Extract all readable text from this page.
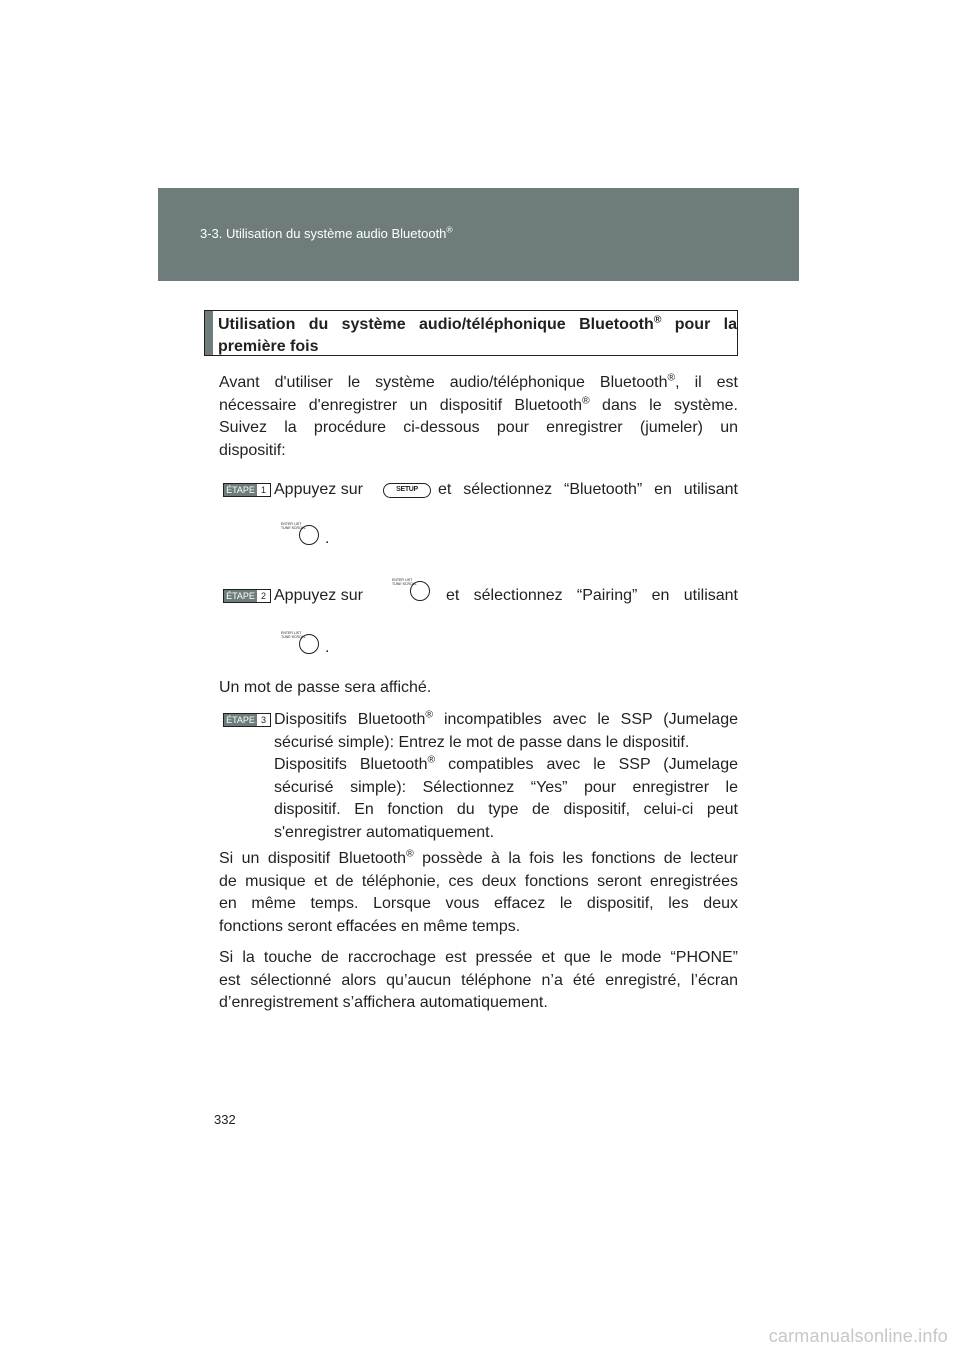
3-3. Utilisation du système audio Bluetooth®
Utilisation du système audio/téléphonique Bluetooth® pour la
première fois
Avant d'utiliser le système audio/téléphonique Bluetooth®, il est
nécessaire d'enregistrer un dispositif Bluetooth® dans le système.
Suivez la procédure ci-dessous pour enregistrer (jumeler) un
dispositif:
ÉTAPE 1 Appuyez sur	SETUP	et sélectionnez “Bluetooth” en utilisant
ENTER LIST TUNE·SCROLL
.
ÉTAPE 2 Appuyez sur
ENTER LIST TUNE·SCROLL
et sélectionnez “Pairing” en utilisant
ENTER LIST TUNE·SCROLL
.
Un mot de passe sera affiché.
ÉTAPE 3 Dispositifs Bluetooth® incompatibles avec le SSP (Jumelage
sécurisé simple): Entrez le mot de passe dans le dispositif.
Dispositifs Bluetooth® compatibles avec le SSP (Jumelage
sécurisé simple): Sélectionnez “Yes” pour enregistrer le
dispositif. En fonction du type de dispositif, celui-ci peut
s'enregistrer automatiquement.
Si un dispositif Bluetooth® possède à la fois les fonctions de lecteur
de musique et de téléphonie, ces deux fonctions seront enregistrées
en même temps. Lorsque vous effacez le dispositif, les deux
fonctions seront effacées en même temps.
Si la touche de raccrochage est pressée et que le mode “PHONE”
est sélectionné alors qu’aucun téléphone n’a été enregistré, l’écran
d’enregistrement s’affichera automatiquement.
332
carmanualsonline.info
